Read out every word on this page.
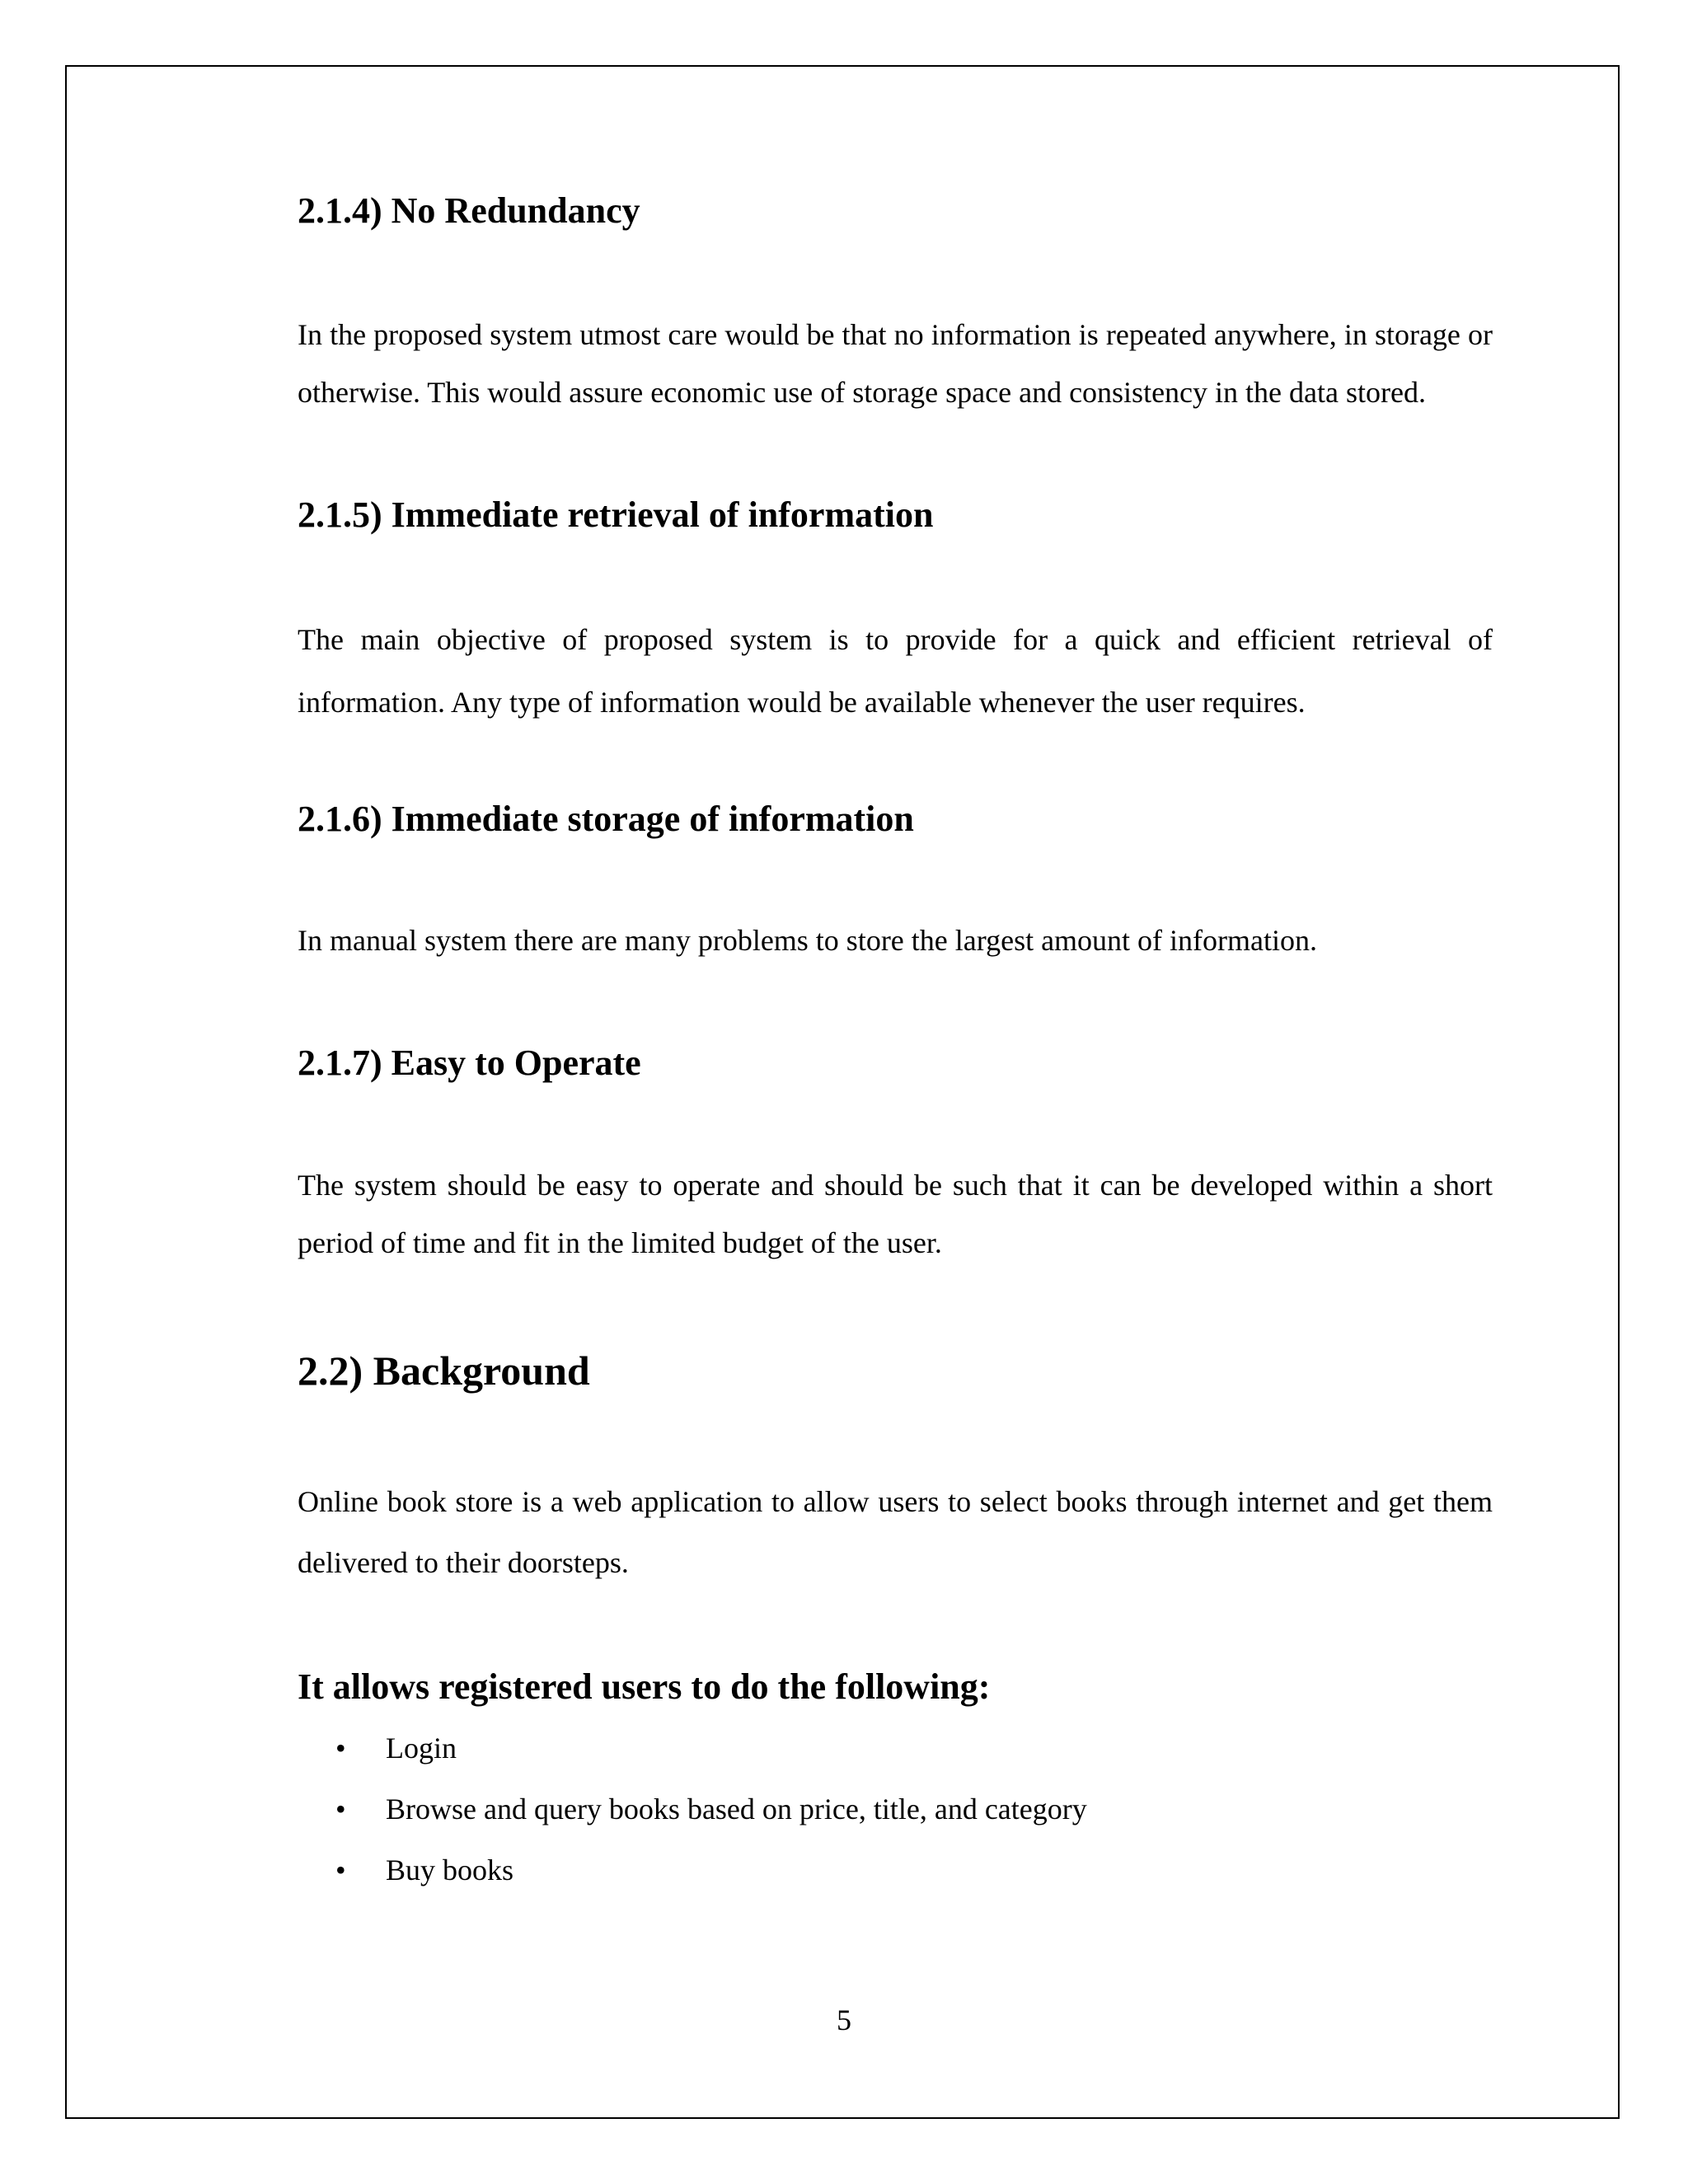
2.1.4) No Redundancy

In the proposed system utmost care would be that no information is repeated anywhere, in storage or otherwise. This would assure economic use of storage space and consistency in the data stored.

2.1.5) Immediate retrieval of information

The main objective of proposed system is to provide for a quick and efficient retrieval of information. Any type of information would be available whenever the user requires.

2.1.6) Immediate storage of information

In manual system there are many problems to store the largest amount of information.

2.1.7) Easy to Operate

The system should be easy to operate and should be such that it can be developed within a short period of time and fit in the limited budget of the user.

2.2) Background

Online book store is a web application to allow users to select books through internet and get them delivered to their doorsteps.

It allows registered users to do the following:
• Login
• Browse and query books based on price, title, and category
• Buy books
5
